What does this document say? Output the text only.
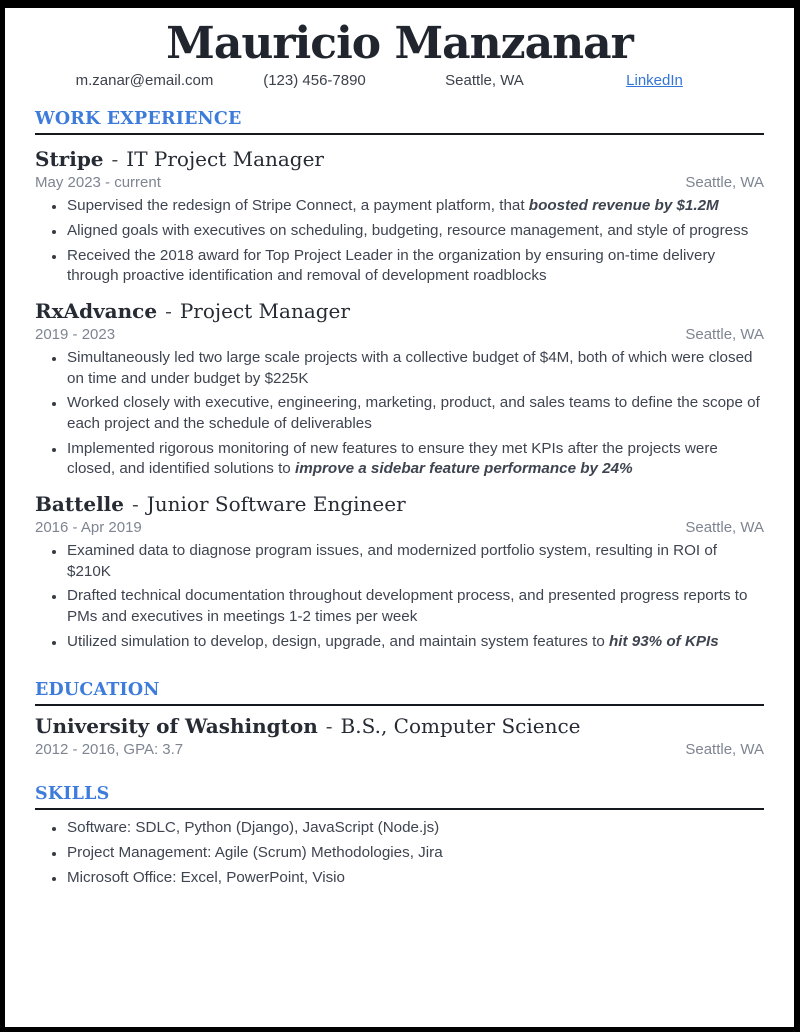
Mauricio Manzanar
m.zanar@email.com	(123) 456-7890	Seattle, WA	LinkedIn
WORK EXPERIENCE
Stripe - IT Project Manager
May 2023 - current	Seattle, WA
• Supervised the redesign of Stripe Connect, a payment platform, that boosted revenue by $1.2M
• Aligned goals with executives on scheduling, budgeting, resource management, and style of progress
• Received the 2018 award for Top Project Leader in the organization by ensuring on-time delivery through proactive identification and removal of development roadblocks
RxAdvance - Project Manager
2019 - 2023	Seattle, WA
• Simultaneously led two large scale projects with a collective budget of $4M, both of which were closed on time and under budget by $225K
• Worked closely with executive, engineering, marketing, product, and sales teams to define the scope of each project and the schedule of deliverables
• Implemented rigorous monitoring of new features to ensure they met KPIs after the projects were closed, and identified solutions to improve a sidebar feature performance by 24%
Battelle - Junior Software Engineer
2016 - Apr 2019	Seattle, WA
• Examined data to diagnose program issues, and modernized portfolio system, resulting in ROI of $210K
• Drafted technical documentation throughout development process, and presented progress reports to PMs and executives in meetings 1-2 times per week
• Utilized simulation to develop, design, upgrade, and maintain system features to hit 93% of KPIs
EDUCATION
University of Washington - B.S., Computer Science
2012 - 2016, GPA: 3.7	Seattle, WA
SKILLS
• Software: SDLC, Python (Django), JavaScript (Node.js)
• Project Management: Agile (Scrum) Methodologies, Jira
• Microsoft Office: Excel, PowerPoint, Visio
